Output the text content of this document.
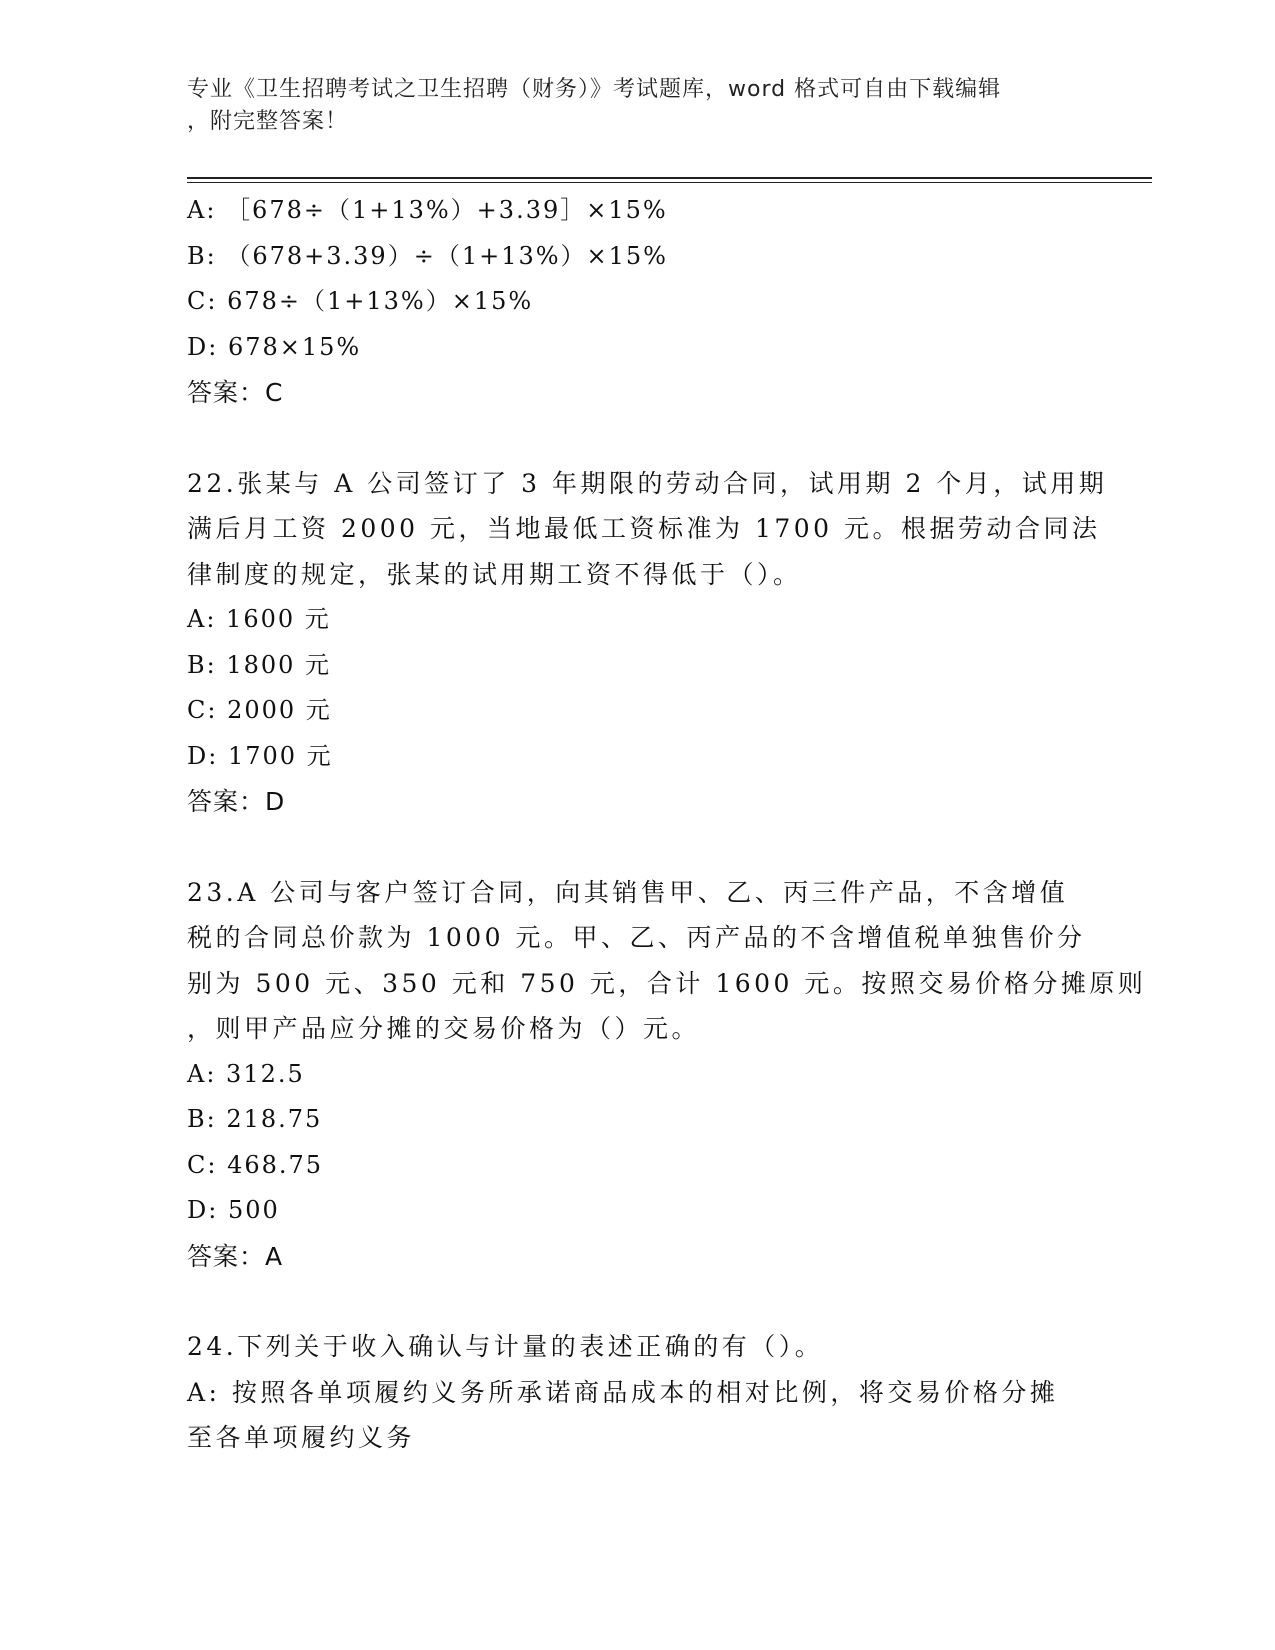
专业《卫生招聘考试之卫生招聘（财务）》考试题库，word 格式可自由下载编辑
，附完整答案！
A: ［678÷（1+13%）+3.39］×15%
B: （678+3.39）÷（1+13%）×15%
C: 678÷（1+13%）×15%
D: 678×15%
答案：C
22.张某与 A 公司签订了 3 年期限的劳动合同，试用期 2 个月，试用期
满后月工资 2000 元，当地最低工资标准为 1700 元。根据劳动合同法
律制度的规定，张某的试用期工资不得低于（）。
A: 1600 元
B: 1800 元
C: 2000 元
D: 1700 元
答案：D
23.A 公司与客户签订合同，向其销售甲、乙、丙三件产品，不含增值
税的合同总价款为 1000 元。甲、乙、丙产品的不含增值税单独售价分
别为 500 元、350 元和 750 元，合计 1600 元。按照交易价格分摊原则
，则甲产品应分摊的交易价格为（）元。
A: 312.5
B: 218.75
C: 468.75
D: 500
答案：A
24.下列关于收入确认与计量的表述正确的有（）。
A: 按照各单项履约义务所承诺商品成本的相对比例，将交易价格分摊
至各单项履约义务
